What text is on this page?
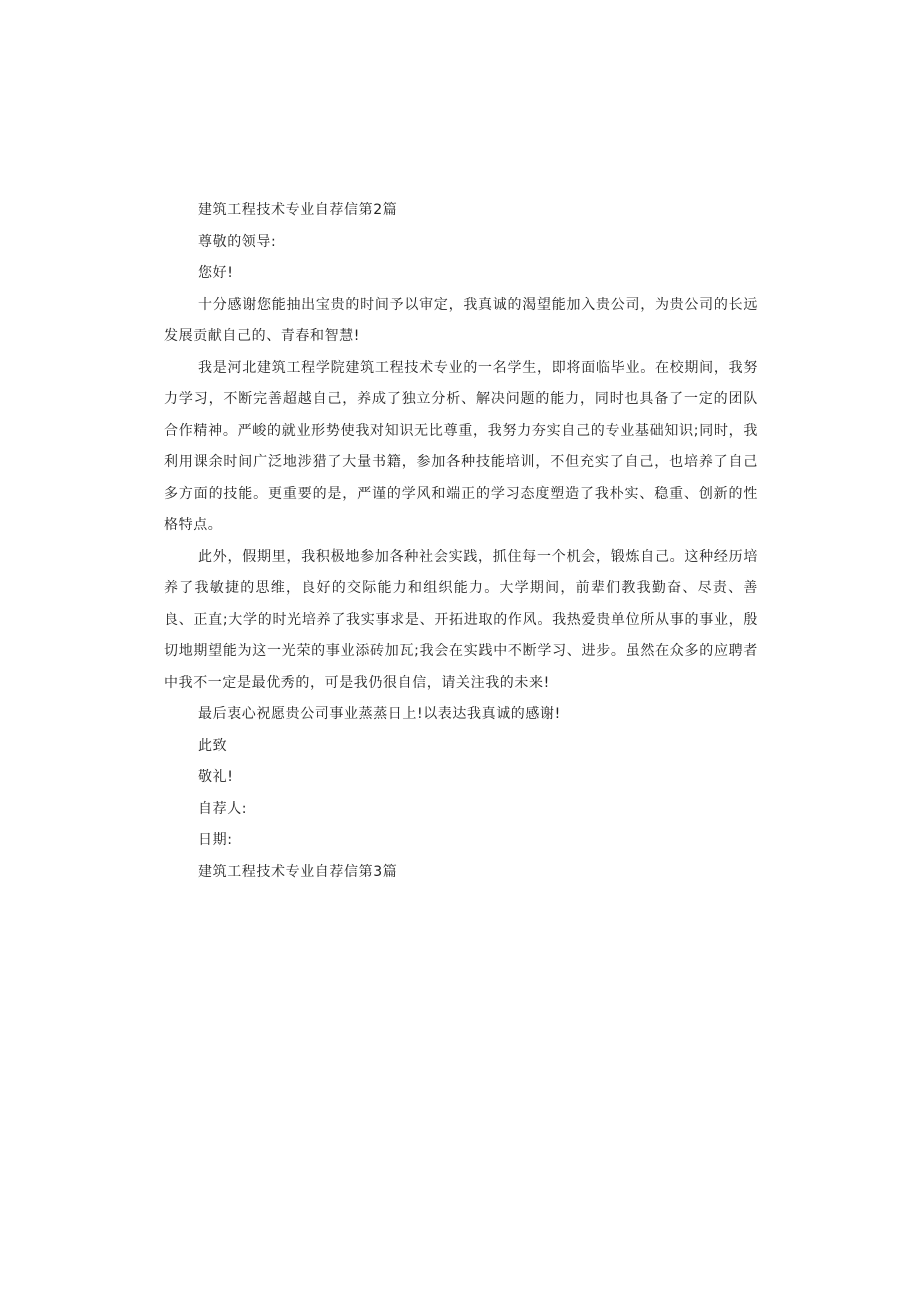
建筑工程技术专业自荐信第2篇

尊敬的领导:

您好!

十分感谢您能抽出宝贵的时间予以审定，我真诚的渴望能加入贵公司，为贵公司的长远发展贡献自己的、青春和智慧!

我是河北建筑工程学院建筑工程技术专业的一名学生，即将面临毕业。在校期间，我努力学习，不断完善超越自己，养成了独立分析、解决问题的能力，同时也具备了一定的团队合作精神。严峻的就业形势使我对知识无比尊重，我努力夯实自己的专业基础知识;同时，我利用课余时间广泛地涉猎了大量书籍，参加各种技能培训，不但充实了自己，也培养了自己多方面的技能。更重要的是，严谨的学风和端正的学习态度塑造了我朴实、稳重、创新的性格特点。

此外，假期里，我积极地参加各种社会实践，抓住每一个机会，锻炼自己。这种经历培养了我敏捷的思维，良好的交际能力和组织能力。大学期间，前辈们教我勤奋、尽责、善良、正直;大学的时光培养了我实事求是、开拓进取的作风。我热爱贵单位所从事的事业，殷切地期望能为这一光荣的事业添砖加瓦;我会在实践中不断学习、进步。虽然在众多的应聘者中我不一定是最优秀的，可是我仍很自信，请关注我的未来!

最后衷心祝愿贵公司事业蒸蒸日上!以表达我真诚的感谢!

此致

敬礼!

自荐人:

日期:

建筑工程技术专业自荐信第3篇
